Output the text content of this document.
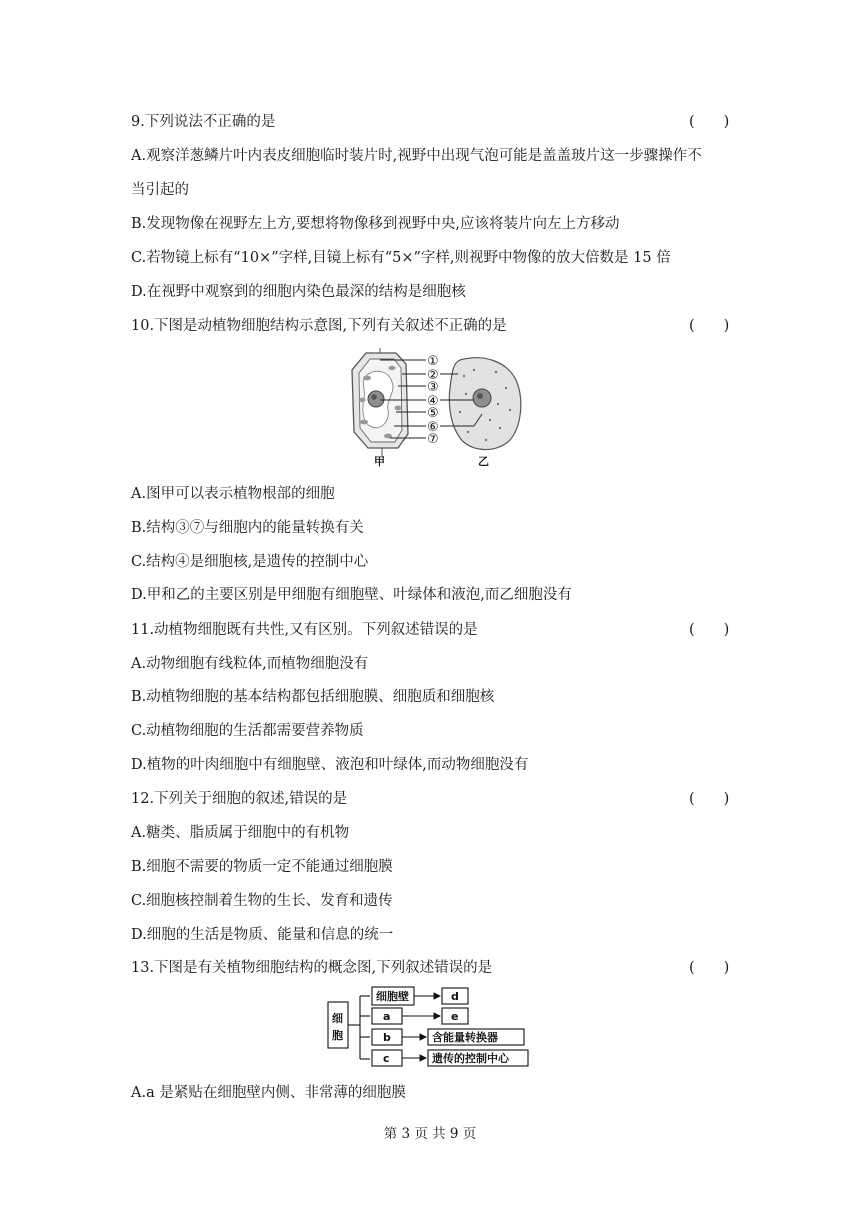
9.下列说法不正确的是	(　　)
A.观察洋葱鳞片叶内表皮细胞临时装片时,视野中出现气泡可能是盖盖玻片这一步骤操作不
当引起的
B.发现物像在视野左上方,要想将物像移到视野中央,应该将装片向左上方移动
C.若物镜上标有“10×”字样,目镜上标有“5×”字样,则视野中物像的放大倍数是 15 倍
D.在视野中观察到的细胞内染色最深的结构是细胞核
10.下图是动植物细胞结构示意图,下列有关叙述不正确的是	(　　)
①
②
③
④
⑤
⑥
⑦
甲	乙
A.图甲可以表示植物根部的细胞
B.结构③⑦与细胞内的能量转换有关
C.结构④是细胞核,是遗传的控制中心
D.甲和乙的主要区别是甲细胞有细胞壁、叶绿体和液泡,而乙细胞没有
11.动植物细胞既有共性,又有区别。下列叙述错误的是	(　　)
A.动物细胞有线粒体,而植物细胞没有
B.动植物细胞的基本结构都包括细胞膜、细胞质和细胞核
C.动植物细胞的生活都需要营养物质
D.植物的叶肉细胞中有细胞壁、液泡和叶绿体,而动物细胞没有
12.下列关于细胞的叙述,错误的是	(　　)
A.糖类、脂质属于细胞中的有机物
B.细胞不需要的物质一定不能通过细胞膜
C.细胞核控制着生物的生长、发育和遗传
D.细胞的生活是物质、能量和信息的统一
13.下图是有关植物细胞结构的概念图,下列叙述错误的是	(　　)
细
胞
细胞壁
a
b
c
d
e
含能量转换器
遗传的控制中心
A.a 是紧贴在细胞壁内侧、非常薄的细胞膜
第 3 页 共 9 页
